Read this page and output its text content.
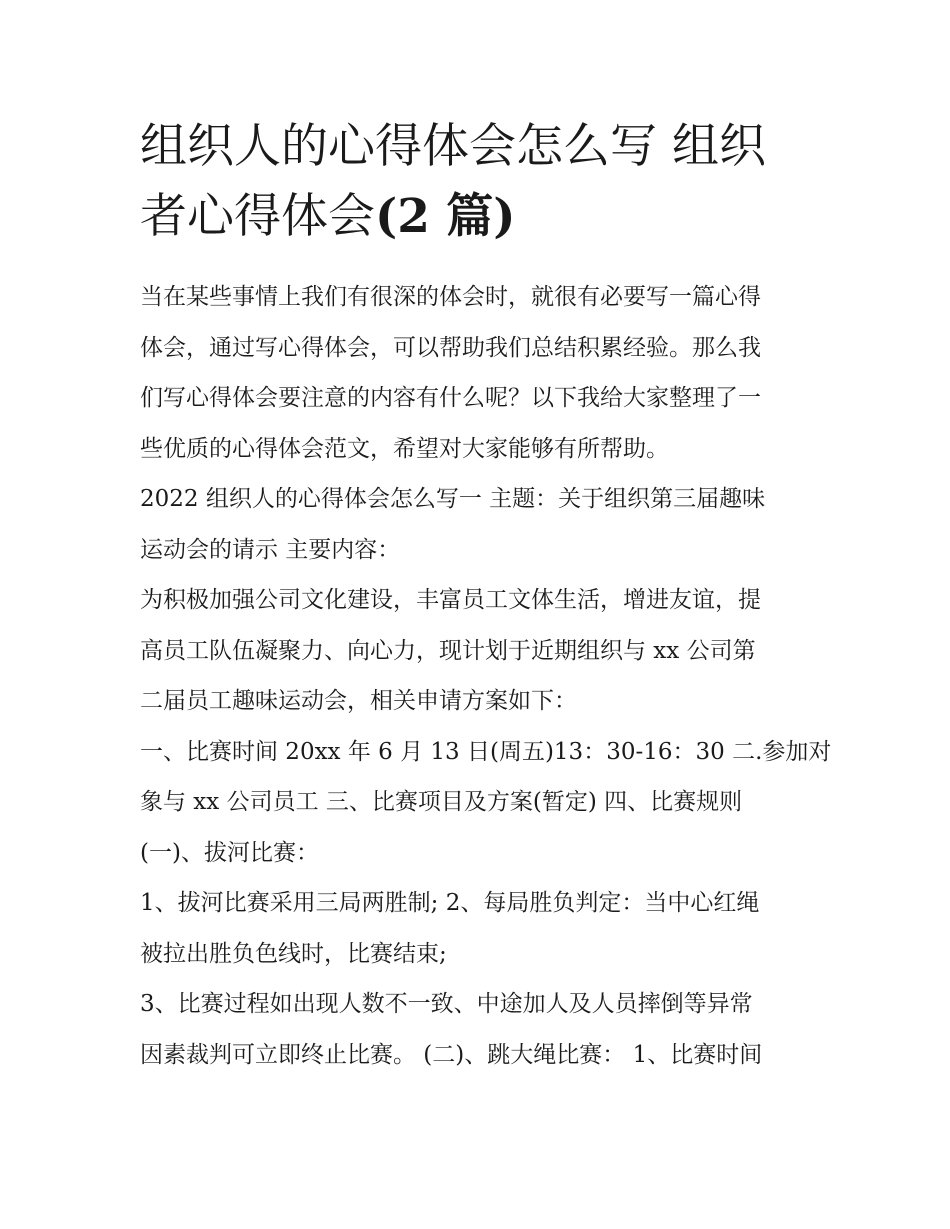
组织人的心得体会怎么写 组织
者心得体会(2 篇)

当在某些事情上我们有很深的体会时，就很有必要写一篇心得
体会，通过写心得体会，可以帮助我们总结积累经验。那么我
们写心得体会要注意的内容有什么呢？以下我给大家整理了一
些优质的心得体会范文，希望对大家能够有所帮助。

2022 组织人的心得体会怎么写一 主题：关于组织第三届趣味
运动会的请示 主要内容：

为积极加强公司文化建设，丰富员工文体生活，增进友谊，提
高员工队伍凝聚力、向心力，现计划于近期组织与 xx 公司第
二届员工趣味运动会，相关申请方案如下：

一、比赛时间 20xx 年 6 月 13 日(周五)13：30-16：30 二.参加对
象与 xx 公司员工 三、比赛项目及方案(暂定) 四、比赛规则

(一)、拔河比赛：

1、拔河比赛采用三局两胜制; 2、每局胜负判定：当中心红绳
被拉出胜负色线时，比赛结束;

3、比赛过程如出现人数不一致、中途加人及人员摔倒等异常
因素裁判可立即终止比赛。 (二)、跳大绳比赛： 1、比赛时间
